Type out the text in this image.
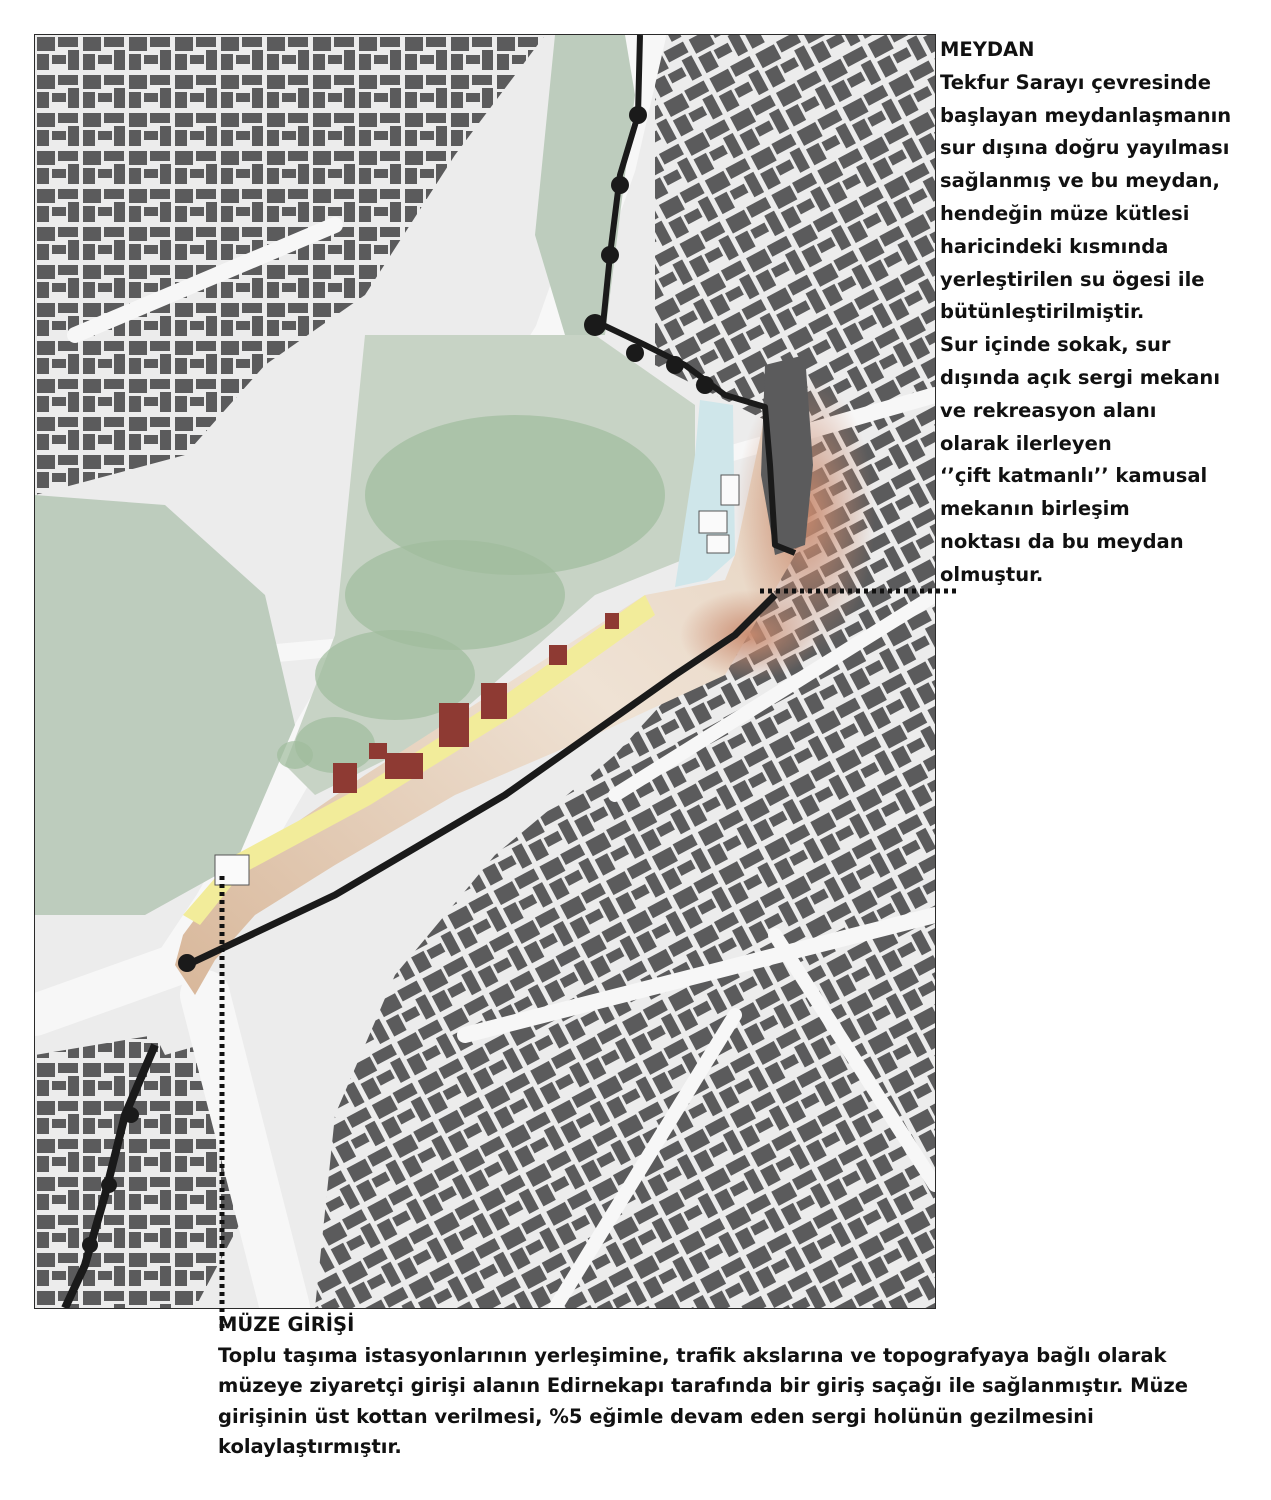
MEYDAN
Tekfur Sarayı çevresinde
başlayan meydanlaşmanın
sur dışına doğru yayılması
sağlanmış ve bu meydan,
hendeğin müze kütlesi
haricindeki kısmında
yerleştirilen su ögesi ile
bütünleştirilmiştir.
Sur içinde sokak, sur
dışında açık sergi mekanı
ve rekreasyon alanı
olarak ilerleyen
‘’çift katmanlı’’ kamusal
mekanın birleşim
noktası da bu meydan
olmuştur.
MÜZE GİRİŞİ
Toplu taşıma istasyonlarının yerleşimine, trafik akslarına ve topografyaya bağlı olarak
müzeye ziyaretçi girişi alanın Edirnekapı tarafında bir giriş saçağı ile sağlanmıştır. Müze
girişinin üst kottan verilmesi, %5 eğimle devam eden sergi holünün gezilmesini
kolaylaştırmıştır.
